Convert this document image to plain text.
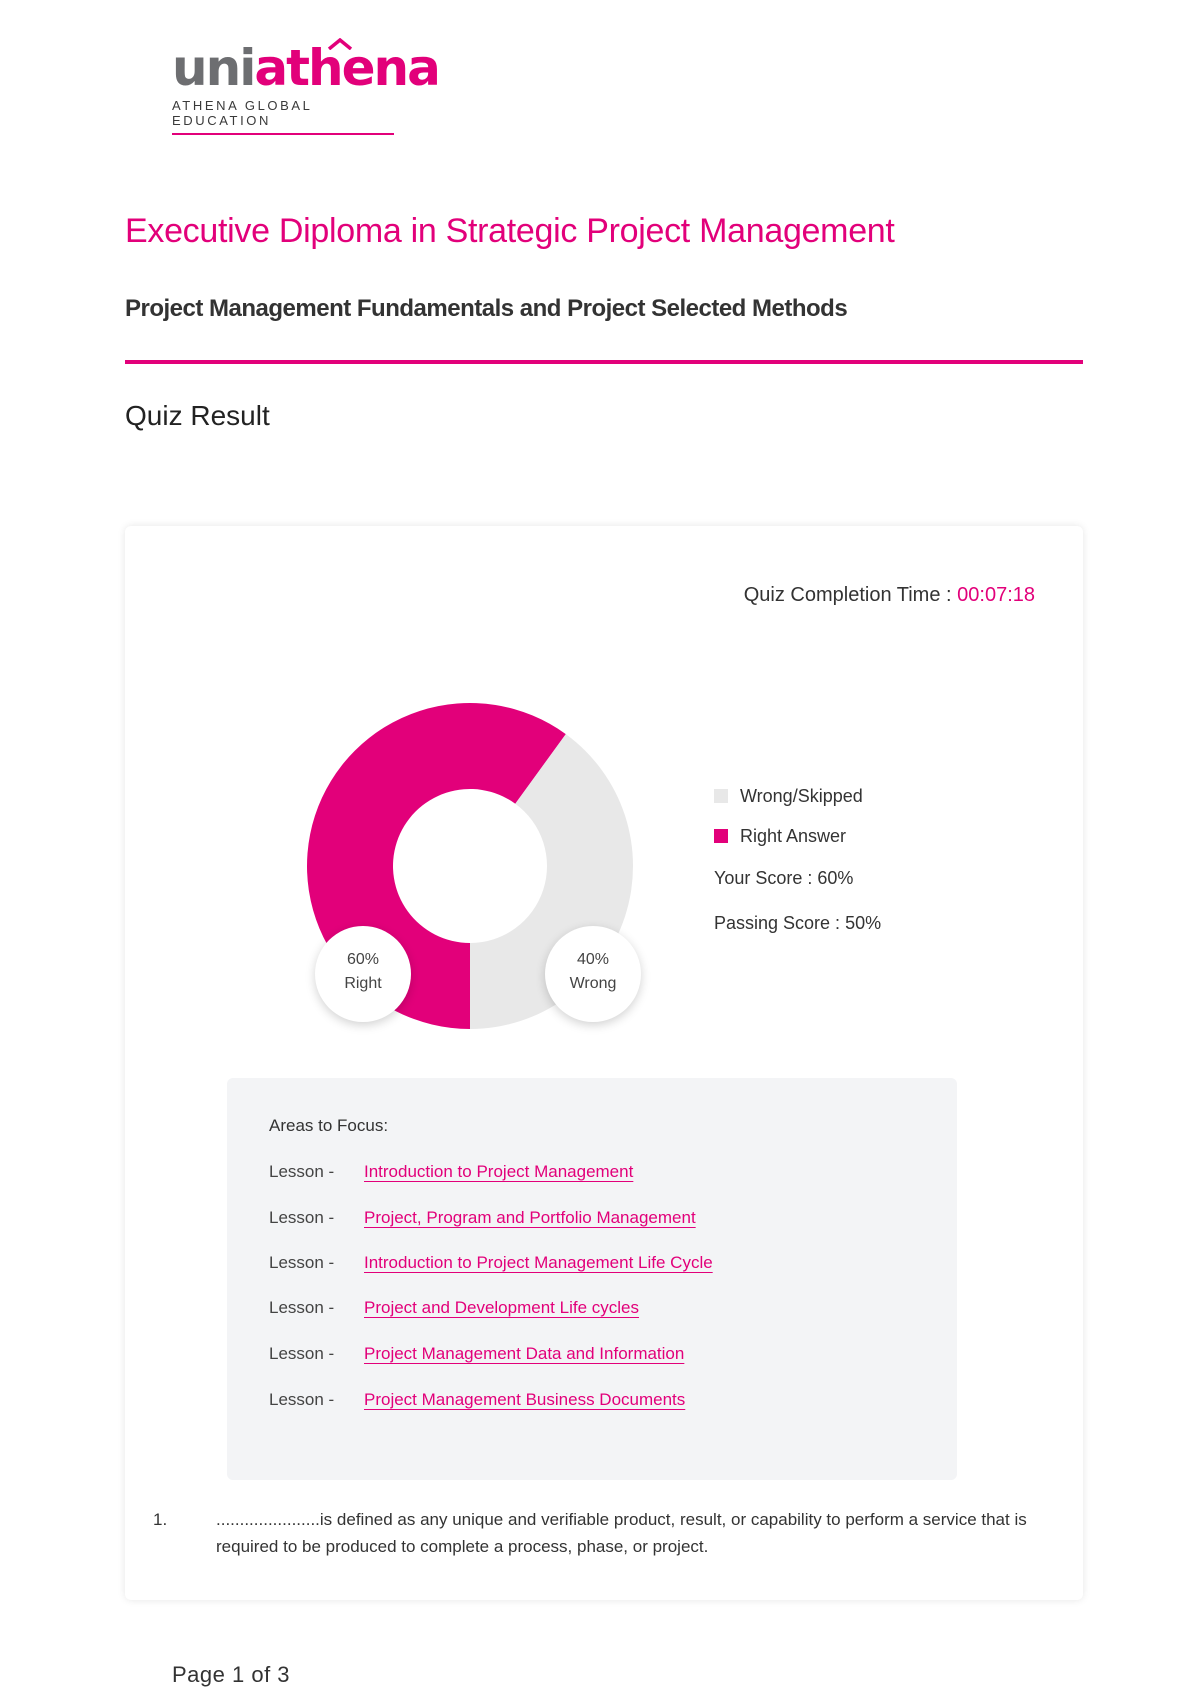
uniathena
ATHENA GLOBAL EDUCATION
Executive Diploma in Strategic Project Management
Project Management Fundamentals and Project Selected Methods
Quiz Result
Quiz Completion Time : 00:07:18
60%
Right
40%
Wrong
Wrong/Skipped
Right Answer
Your Score : 60%
Passing Score : 50%
Areas to Focus:
Lesson - Introduction to Project Management
Lesson - Project, Program and Portfolio Management
Lesson - Introduction to Project Management Life Cycle
Lesson - Project and Development Life cycles
Lesson - Project Management Data and Information
Lesson - Project Management Business Documents
1.	......................is defined as any unique and verifiable product, result, or capability to perform a service that is required to be produced to complete a process, phase, or project.
Page 1 of 3
